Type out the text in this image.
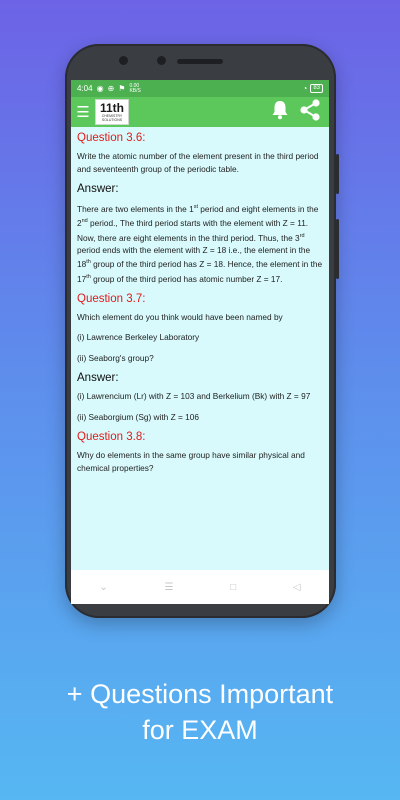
4:04 ◉ ⊕ ⚑ 0.00 KB/S	◔	83
☰ 11th
CHEMISTRY SOLUTIONS
Question 3.6:
Write the atomic number of the element present in the third period and seventeenth group of the periodic table.
Answer:
There are two elements in the 1st period and eight elements in the 2nd period., The third period starts with the element with Z = 11. Now, there are eight elements in the third period. Thus, the 3rd period ends with the element with Z = 18 i.e., the element in the 18th group of the third period has Z = 18. Hence, the element in the 17th group of the third period has atomic number Z = 17.
Question 3.7:
Which element do you think would have been named by
(i) Lawrence Berkeley Laboratory
(ii) Seaborg's group?
Answer:
(i) Lawrencium (Lr) with Z = 103 and Berkelium (Bk) with Z = 97
(ii) Seaborgium (Sg) with Z = 106
Question 3.8:
Why do elements in the same group have similar physical and chemical properties?
⌄	☰	□	◁
+ Questions Important
for EXAM
